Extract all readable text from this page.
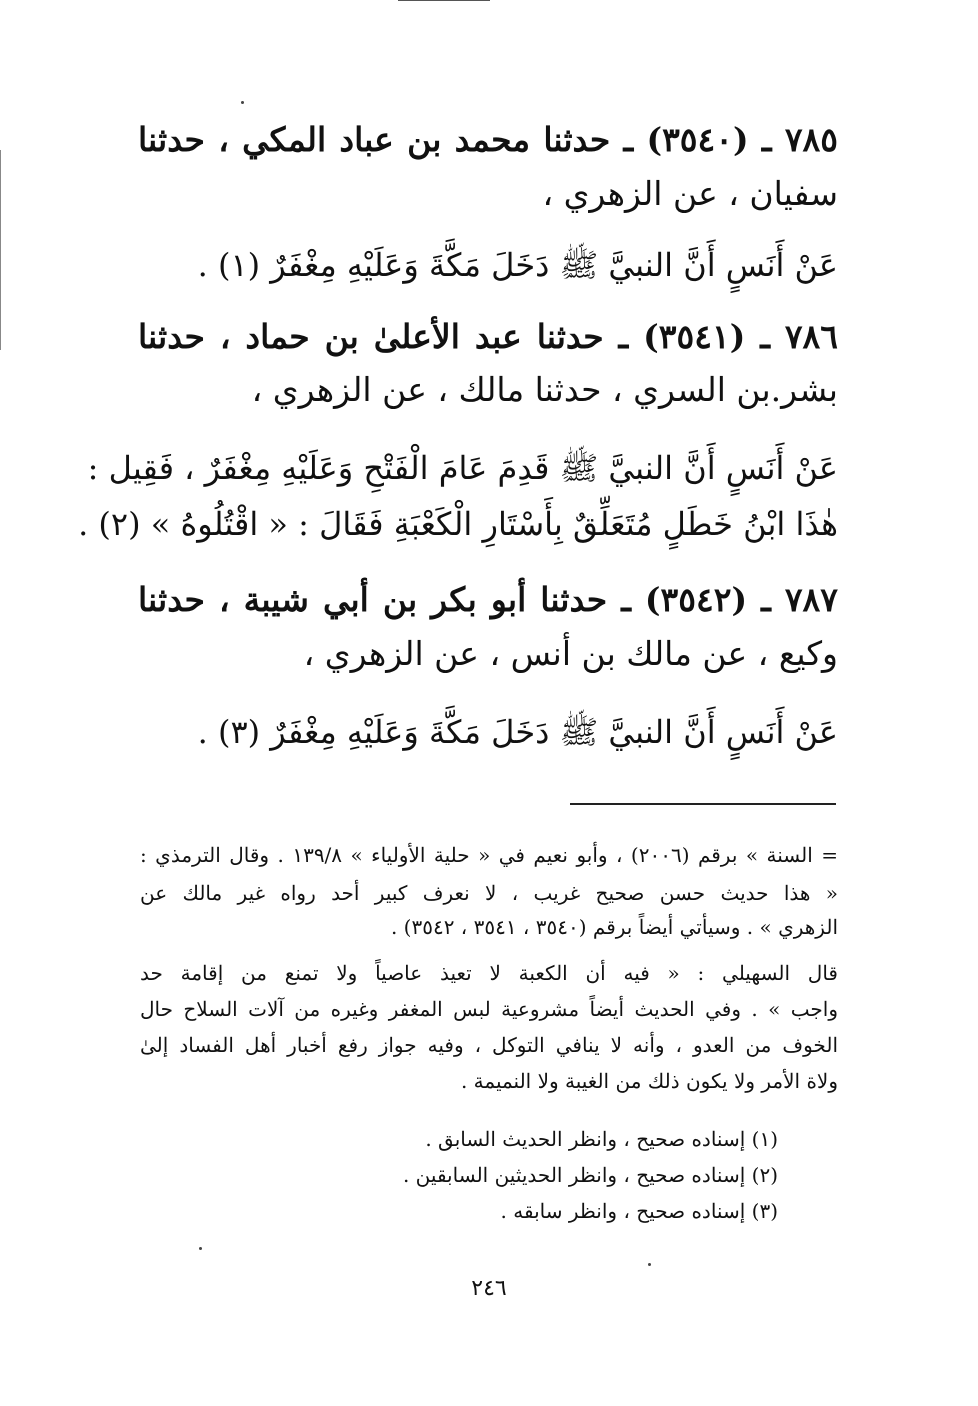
٧٨٥ ـ (٣٥٤٠) ـ حدثنا محمد بن عباد المكي ، حدثنا
سفيان ، عن الزهري ،
عَنْ أَنَسٍ أَنَّ النبيَّ ﷺ دَخَلَ مَكَّةَ وَعَلَيْهِ مِغْفَرٌ (١) .
٧٨٦ ـ (٣٥٤١) ـ حدثنا عبد الأعلىٰ بن حماد ، حدثنا
بشر.بن السري ، حدثنا مالك ، عن الزهري ،
عَنْ أَنَسٍ أَنَّ النبيَّ ﷺ قَدِمَ عَامَ الْفَتْحِ وَعَلَيْهِ مِغْفَرٌ ، فَقِيل :
هٰذَا ابْنُ خَطَلٍ مُتَعَلِّقٌ بِأَسْتَارِ الْكَعْبَةِ فَقَالَ : « اقْتُلُوهُ » (٢) .
٧٨٧ ـ (٣٥٤٢) ـ حدثنا أبو بكر بن أبي شيبة ، حدثنا
وكيع ، عن مالك بن أنس ، عن الزهري ،
عَنْ أَنَسٍ أَنَّ النبيَّ ﷺ دَخَلَ مَكَّةَ وَعَلَيْهِ مِغْفَرٌ (٣) .
= السنة » برقم (٢٠٠٦) ، وأبو نعيم في « حلية الأولياء » ١٣٩/٨ . وقال الترمذي :
« هذا حديث حسن صحيح غريب ، لا نعرف كبير أحد رواه غير مالك عن
الزهري » . وسيأتي أيضاً برقم (٣٥٤٠ ، ٣٥٤١ ، ٣٥٤٢) .
قال السهيلي : « فيه أن الكعبة لا تعيذ عاصياً ولا تمنع من إقامة حد
واجب » . وفي الحديث أيضاً مشروعية لبس المغفر وغيره من آلات السلاح حال
الخوف من العدو ، وأنه لا ينافي التوكل ، وفيه جواز رفع أخبار أهل الفساد إلىٰ
ولاة الأمر ولا يكون ذلك من الغيبة ولا النميمة .
(١) إسناده صحيح ، وانظر الحديث السابق .
(٢) إسناده صحيح ، وانظر الحديثين السابقين .
(٣) إسناده صحيح ، وانظر سابقه .
٢٤٦
